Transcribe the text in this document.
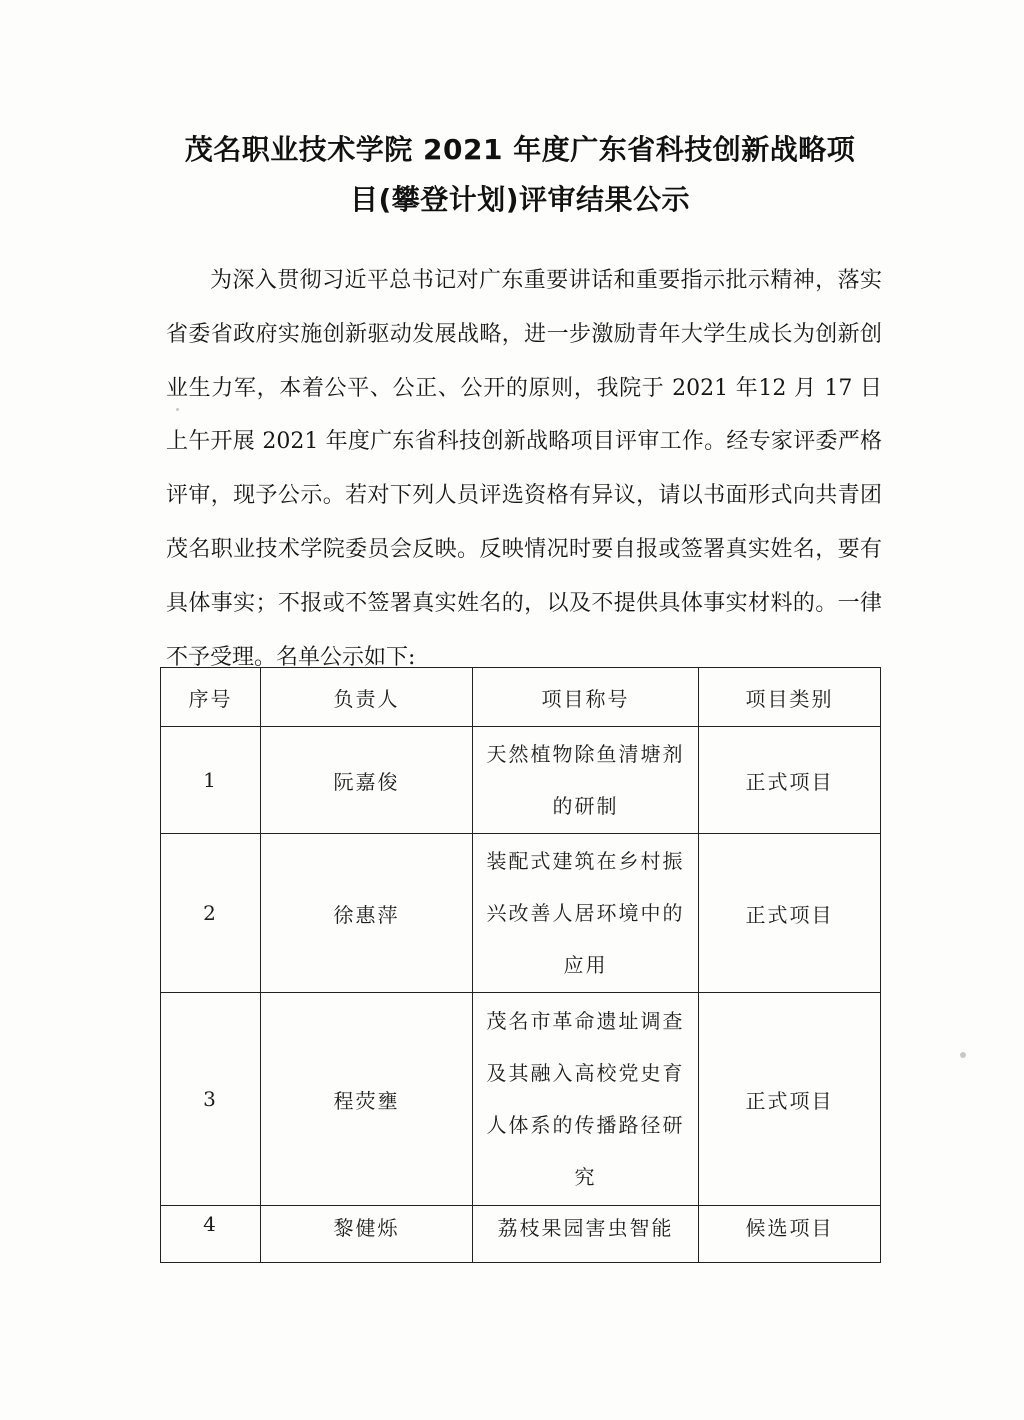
茂名职业技术学院 2021 年度广东省科技创新战略项
目(攀登计划)评审结果公示

为深入贯彻习近平总书记对广东重要讲话和重要指示批示精神，落实省委省政府实施创新驱动发展战略，进一步激励青年大学生成长为创新创业生力军，本着公平、公正、公开的原则，我院于 2021 年12 月 17 日上午开展 2021 年度广东省科技创新战略项目评审工作。经专家评委严格评审，现予公示。若对下列人员评选资格有异议，请以书面形式向共青团茂名职业技术学院委员会反映。反映情况时要自报或签署真实姓名，要有具体事实；不报或不签署真实姓名的，以及不提供具体事实材料的。一律不予受理。名单公示如下:

序号	负责人	项目称号	项目类别
1	阮嘉俊	天然植物除鱼清塘剂的研制	正式项目
2	徐惠萍	装配式建筑在乡村振兴改善人居环境中的应用	正式项目
3	程荧壅	茂名市革命遗址调查及其融入高校党史育人体系的传播路径研究	正式项目
4	黎健烁	荔枝果园害虫智能	候选项目
